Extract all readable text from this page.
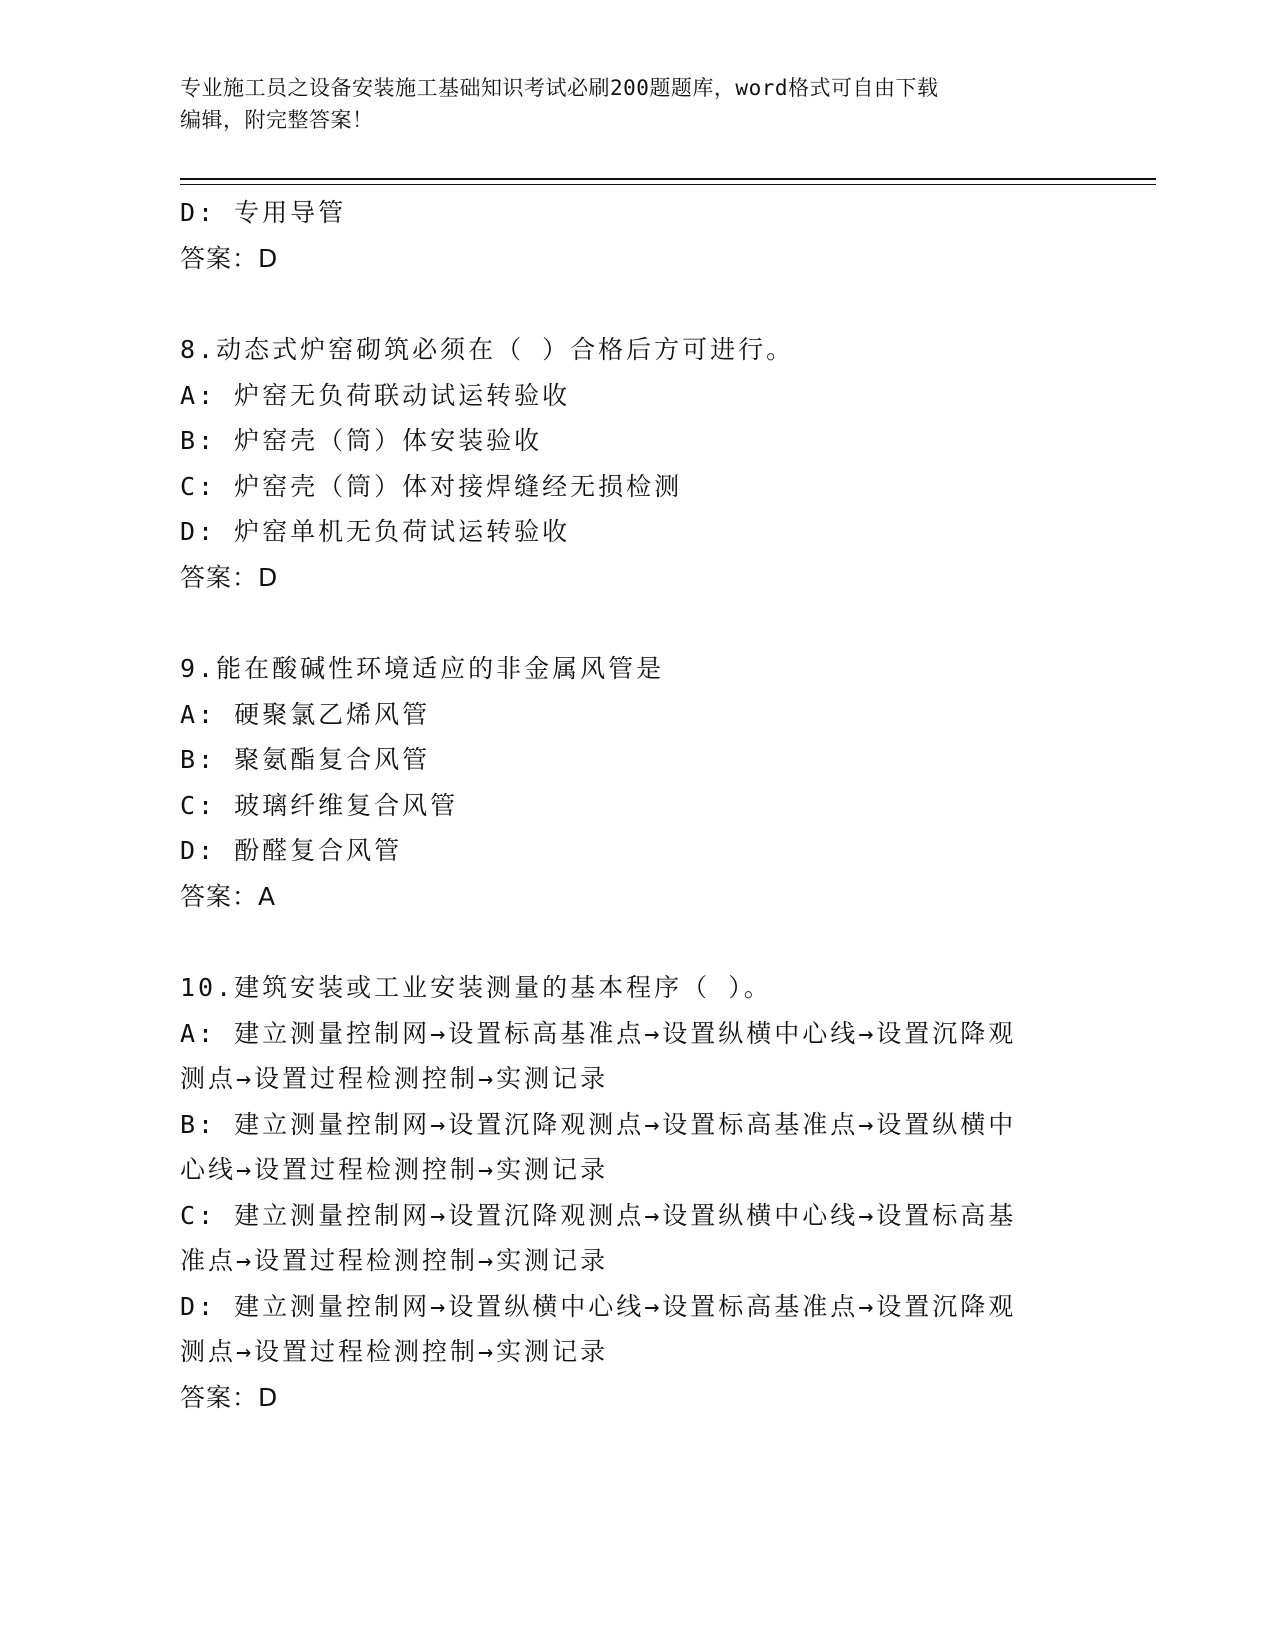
专业施工员之设备安装施工基础知识考试必刷200题题库，word格式可自由下载
编辑，附完整答案！
D: 专用导管
答案：D
8.动态式炉窑砌筑必须在（ ）合格后方可进行。
A: 炉窑无负荷联动试运转验收
B: 炉窑壳（筒）体安装验收
C: 炉窑壳（筒）体对接焊缝经无损检测
D: 炉窑单机无负荷试运转验收
答案：D
9.能在酸碱性环境适应的非金属风管是
A: 硬聚氯乙烯风管
B: 聚氨酯复合风管
C: 玻璃纤维复合风管
D: 酚醛复合风管
答案：A
10.建筑安装或工业安装测量的基本程序（ ）。
A: 建立测量控制网→设置标高基准点→设置纵横中心线→设置沉降观
测点→设置过程检测控制→实测记录
B: 建立测量控制网→设置沉降观测点→设置标高基准点→设置纵横中
心线→设置过程检测控制→实测记录
C: 建立测量控制网→设置沉降观测点→设置纵横中心线→设置标高基
准点→设置过程检测控制→实测记录
D: 建立测量控制网→设置纵横中心线→设置标高基准点→设置沉降观
测点→设置过程检测控制→实测记录
答案：D
